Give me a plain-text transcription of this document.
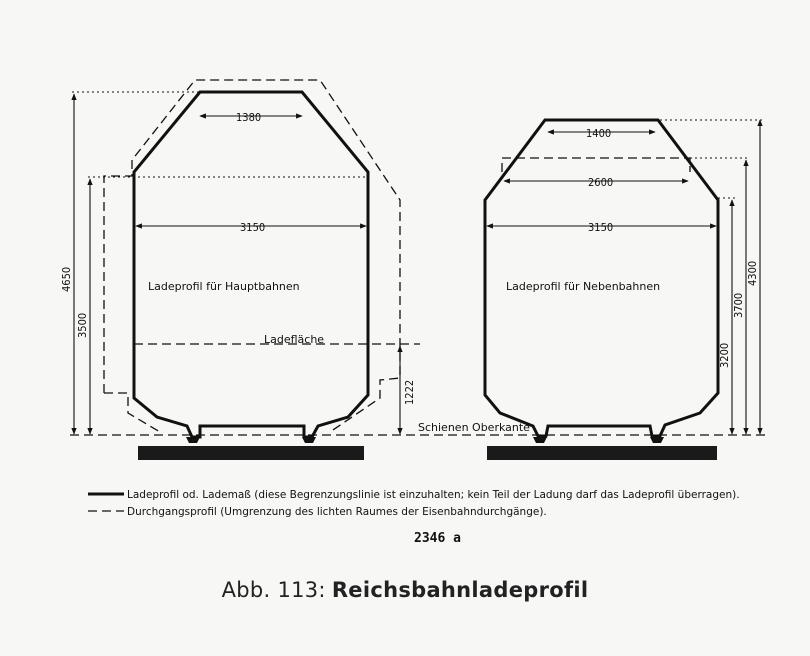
3150
1380
4650
3500
Ladeprofil für Hauptbahnen
Ladefläche
1222
Schienen Oberkante
1400
2600
3150
Ladeprofil für Nebenbahnen
3200
3700
4300
Ladeprofil od. Lademaß (diese Begrenzungslinie ist einzuhalten; kein Teil der Ladung darf das Ladeprofil überragen).
Durchgangsprofil (Umgrenzung des lichten Raumes der Eisenbahndurchgänge).
2346 a
Abb. 113: Reichsbahnladeprofil
